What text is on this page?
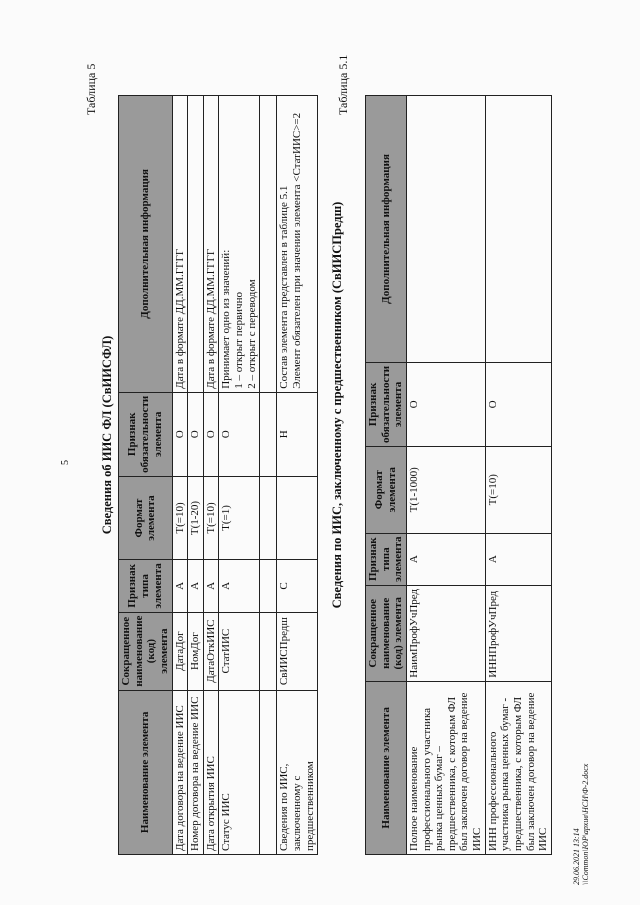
5
Таблица 5
Сведения об ИИС ФЛ (СвИИСФЛ)
Наименование элемента	Сокращенное наименование (код) элемента	Признак типа элемента	Формат элемента	Признак обязательности элемента	Дополнительная информация
Дата договора на ведение ИИС	ДатаДог	А	T(=10)	О	Дата в формате ДД.ММ.ГГГГ
Номер договора на ведение ИИС	НомДог	А	T(1-20)	О	
Дата открытия ИИС	ДатаОткИИС	А	T(=10)	О	Дата в формате ДД.ММ.ГГГГ
Статус ИИС	СтатИИС	А	T(=1)	О	Принимает одно из значений:
1 – открыт первично
2 – открыт с переводом

Сведения по ИИС, заключенному с предшественником	СвИИСПредш	С		Н	Состав элемента представлен в таблице 5.1
Элемент обязателен при значении элемента <СтатИИС>=2
Таблица 5.1
Сведения по ИИС, заключенному с предшественником (СвИИСПредш)
Наименование элемента	Сокращенное наименование (код) элемента	Признак типа элемента	Формат элемента	Признак обязательности элемента	Дополнительная информация
Полное наименование профессионального участника рынка ценных бумаг – предшественника, с которым ФЛ был заключен договор на ведение ИИС	НаимПрофУчПред	А	T(1-1000)	О	
ИНН профессионального участника рынка ценных бумаг - предшественника, с которым ФЛ был заключен договор на ведение ИИС	ИННПрофУчПред	А	T(=10)	О	
29.06.2021 13:14 \\Common\ЮР\архив\НСИ\Ф-2.docx
